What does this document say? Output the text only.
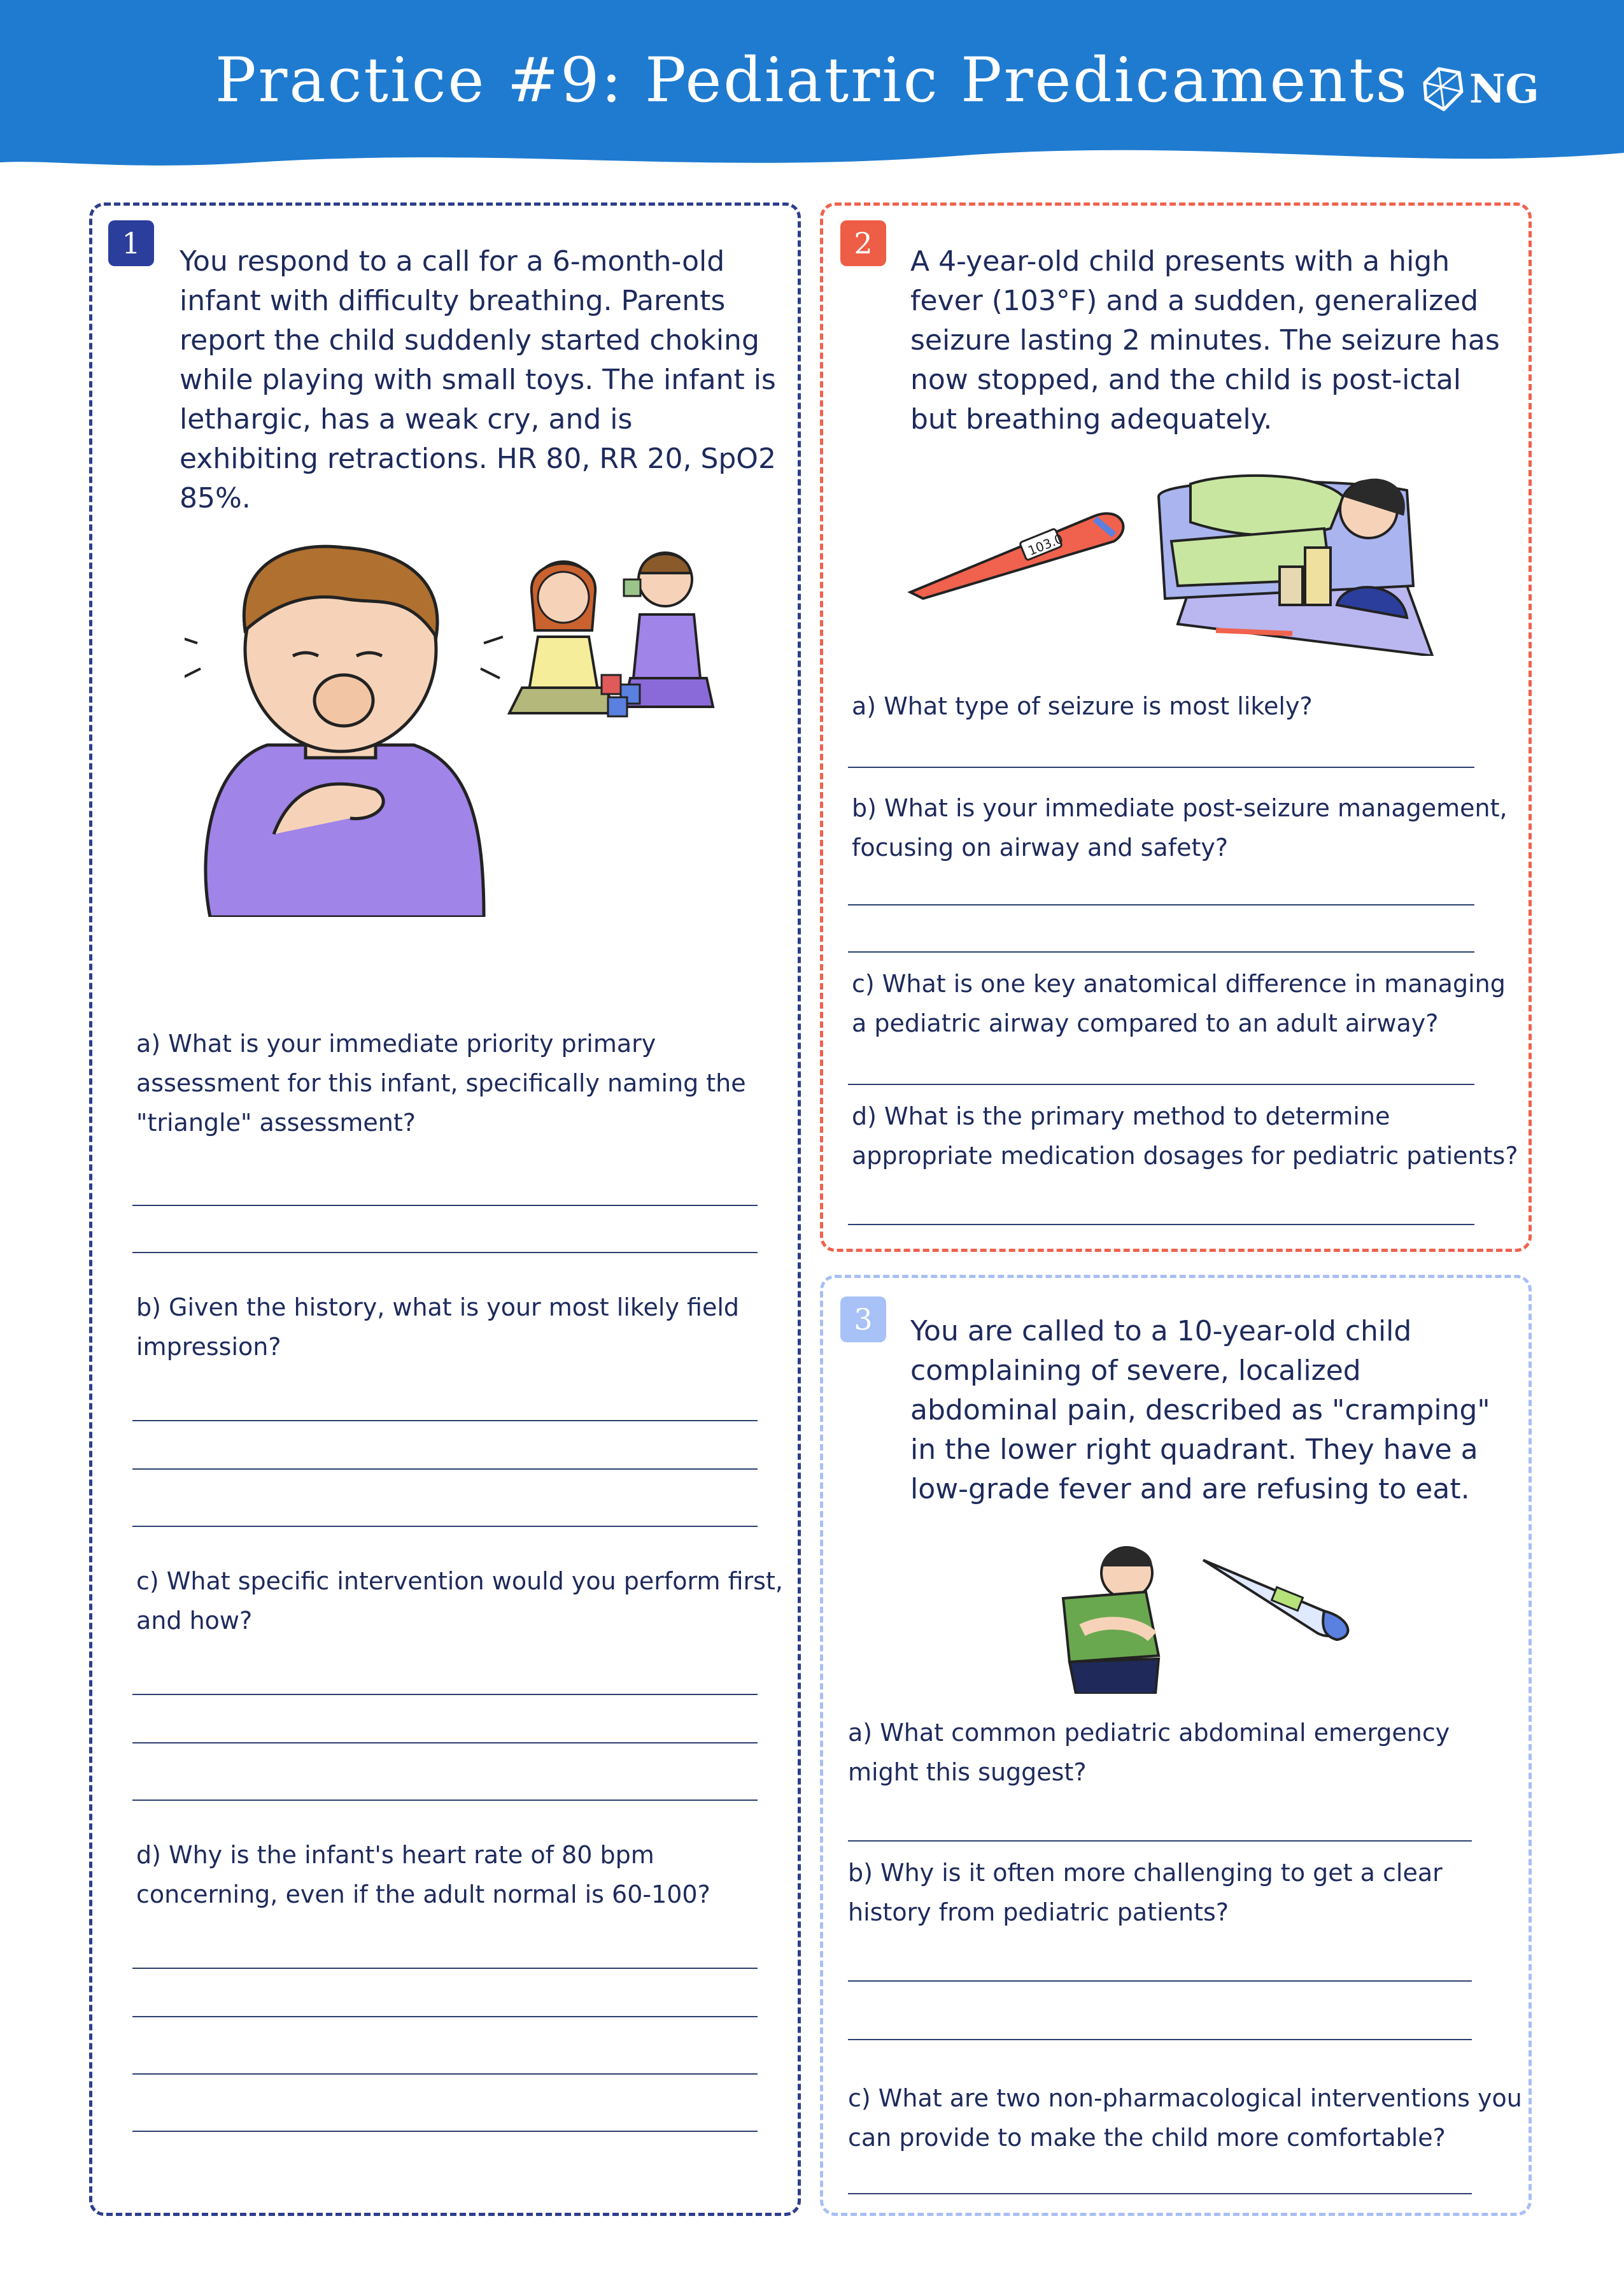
Practice #9: Pediatric Predicaments	NG
1

You respond to a call for a 6-month-old infant with difficulty breathing. Parents report the child suddenly started choking while playing with small toys. The infant is lethargic, has a weak cry, and is exhibiting retractions. HR 80, RR 20, SpO2 85%.

a) What is your immediate priority primary assessment for this infant, specifically naming the "triangle" assessment?

b) Given the history, what is your most likely field impression?

c) What specific intervention would you perform first, and how?

d) Why is the infant's heart rate of 80 bpm concerning, even if the adult normal is 60-100?

2

A 4-year-old child presents with a high fever (103°F) and a sudden, generalized seizure lasting 2 minutes. The seizure has now stopped, and the child is post-ictal but breathing adequately.

103.0

a) What type of seizure is most likely?

b) What is your immediate post-seizure management, focusing on airway and safety?

c) What is one key anatomical difference in managing a pediatric airway compared to an adult airway?

d) What is the primary method to determine appropriate medication dosages for pediatric patients?

3	You are called to a 10-year-old child complaining of severe, localized abdominal pain, described as "cramping" in the lower right quadrant. They have a low-grade fever and are refusing to eat.

a) What common pediatric abdominal emergency might this suggest?

b) Why is it often more challenging to get a clear history from pediatric patients?

c) What are two non-pharmacological interventions you can provide to make the child more comfortable?
